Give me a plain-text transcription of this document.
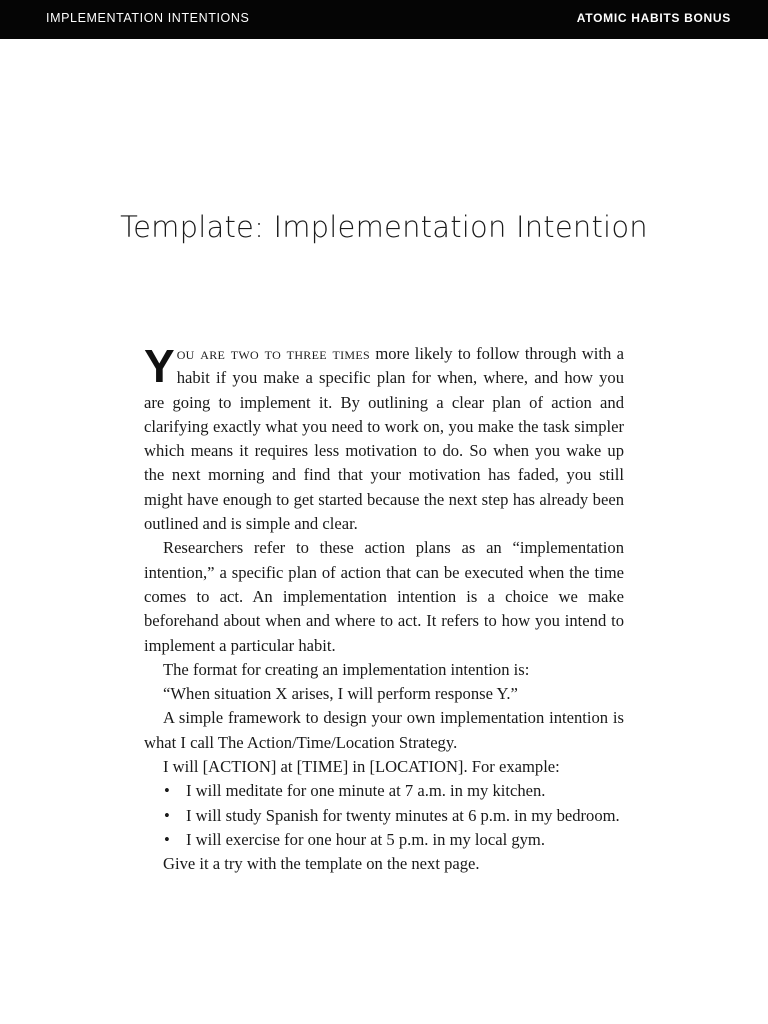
IMPLEMENTATION INTENTIONS	ATOMIC HABITS BONUS
Template: Implementation Intention

You are two to three times more likely to follow through with a habit if you make a specific plan for when, where, and how you are going to implement it. By outlining a clear plan of action and clarifying exactly what you need to work on, you make the task simpler which means it requires less motivation to do. So when you wake up the next morning and find that your motivation has faded, you still might have enough to get started because the next step has already been outlined and is simple and clear.

Researchers refer to these action plans as an “implementation intention,” a specific plan of action that can be executed when the time comes to act. An implementation intention is a choice we make beforehand about when and where to act. It refers to how you intend to implement a particular habit.

The format for creating an implementation intention is:

“When situation X arises, I will perform response Y.”

A simple framework to design your own implementation intention is what I call The Action/Time/Location Strategy.

I will [ACTION] at [TIME] in [LOCATION]. For example:

• I will meditate for one minute at 7 a.m. in my kitchen.
• I will study Spanish for twenty minutes at 6 p.m. in my bedroom.
• I will exercise for one hour at 5 p.m. in my local gym.

Give it a try with the template on the next page.
